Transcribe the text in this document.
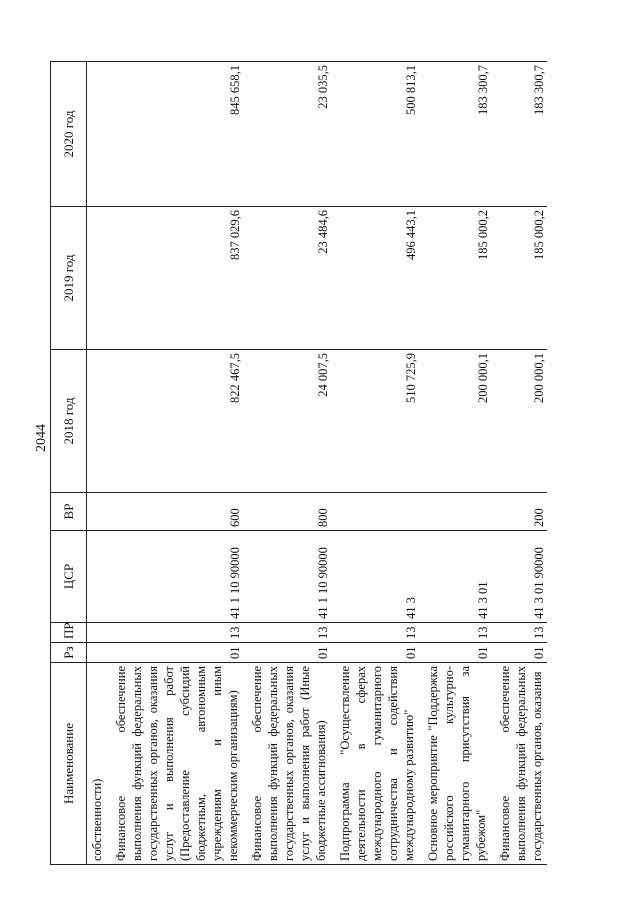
2044
Наименование	Рз	ПР	ЦСР	ВР	2018 год	2019 год	2020 год
собственности)							
Финансовое обеспечение выполнения функций федеральных государственных органов, оказания услуг и выполнения работ (Предоставление субсидий бюджетным, автономным учреждениям и иным некоммерческим организациям)	01	13	41 1 10 90000	600	822 467,5	837 029,6	845 658,1
Финансовое обеспечение выполнения функций федеральных государственных органов, оказания услуг и выполнения работ (Иные бюджетные ассигнования)	01	13	41 1 10 90000	800	24 007,5	23 484,6	23 035,5
Подпрограмма "Осуществление деятельности в сферах международного гуманитарного сотрудничества и содействия международному развитию"	01	13	41 3		510 725,9	496 443,1	500 813,1
Основное мероприятие "Поддержка российского культурно-гуманитарного присутствия за рубежом"	01	13	41 3 01		200 000,1	185 000,2	183 300,7
Финансовое обеспечение выполнения функций федеральных государственных органов, оказания	01	13	41 3 01 90000	200	200 000,1	185 000,2	183 300,7
